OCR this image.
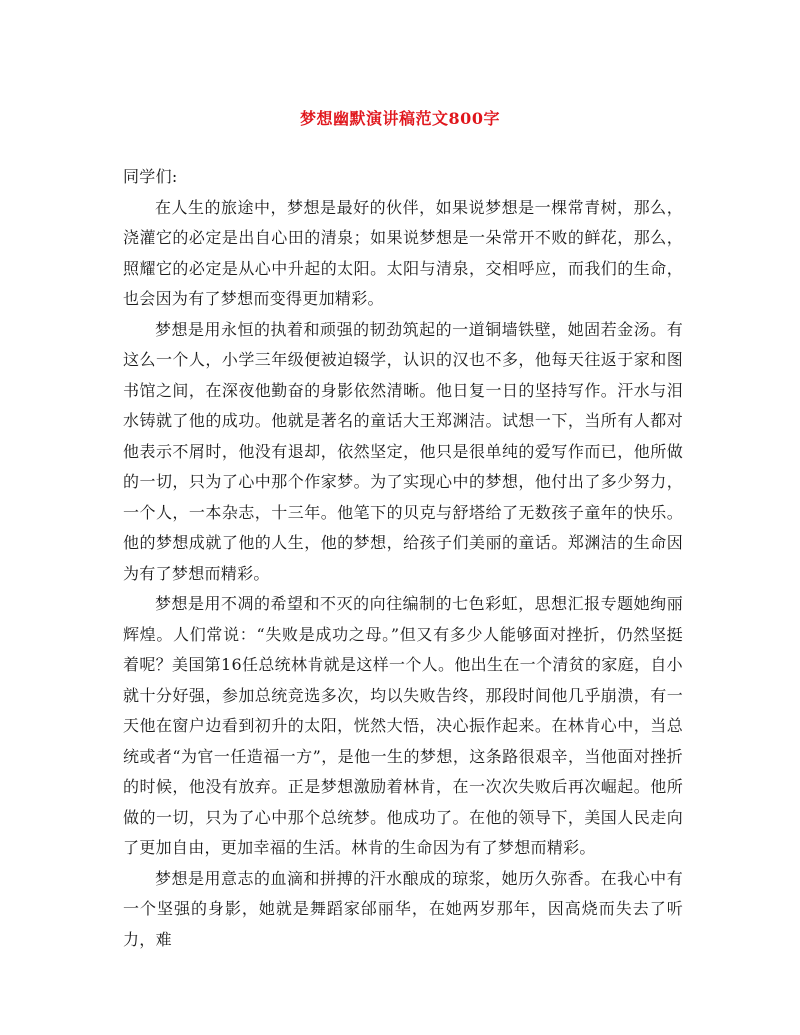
梦想幽默演讲稿范文800字

同学们:

在人生的旅途中，梦想是最好的伙伴，如果说梦想是一棵常青树，那么，浇灌它的必定是出自心田的清泉；如果说梦想是一朵常开不败的鲜花，那么，照耀它的必定是从心中升起的太阳。太阳与清泉，交相呼应，而我们的生命，也会因为有了梦想而变得更加精彩。

梦想是用永恒的执着和顽强的韧劲筑起的一道铜墙铁壁，她固若金汤。有这么一个人，小学三年级便被迫辍学，认识的汉也不多，他每天往返于家和图书馆之间，在深夜他勤奋的身影依然清晰。他日复一日的坚持写作。汗水与泪水铸就了他的成功。他就是著名的童话大王郑渊洁。试想一下，当所有人都对他表示不屑时，他没有退却，依然坚定，他只是很单纯的爱写作而已，他所做的一切，只为了心中那个作家梦。为了实现心中的梦想，他付出了多少努力，一个人，一本杂志，十三年。他笔下的贝克与舒塔给了无数孩子童年的快乐。他的梦想成就了他的人生，他的梦想，给孩子们美丽的童话。郑渊洁的生命因为有了梦想而精彩。

梦想是用不凋的希望和不灭的向往编制的七色彩虹，思想汇报专题她绚丽辉煌。人们常说：“失败是成功之母。”但又有多少人能够面对挫折，仍然坚挺着呢？美国第16任总统林肯就是这样一个人。他出生在一个清贫的家庭，自小就十分好强，参加总统竞选多次，均以失败告终，那段时间他几乎崩溃，有一天他在窗户边看到初升的太阳，恍然大悟，决心振作起来。在林肯心中，当总统或者“为官一任造福一方”，是他一生的梦想，这条路很艰辛，当他面对挫折的时候，他没有放弃。正是梦想激励着林肯，在一次次失败后再次崛起。他所做的一切，只为了心中那个总统梦。他成功了。在他的领导下，美国人民走向了更加自由，更加幸福的生活。林肯的生命因为有了梦想而精彩。

梦想是用意志的血滴和拼搏的汗水酿成的琼浆，她历久弥香。在我心中有一个坚强的身影，她就是舞蹈家邰丽华，在她两岁那年，因高烧而失去了听力，难
